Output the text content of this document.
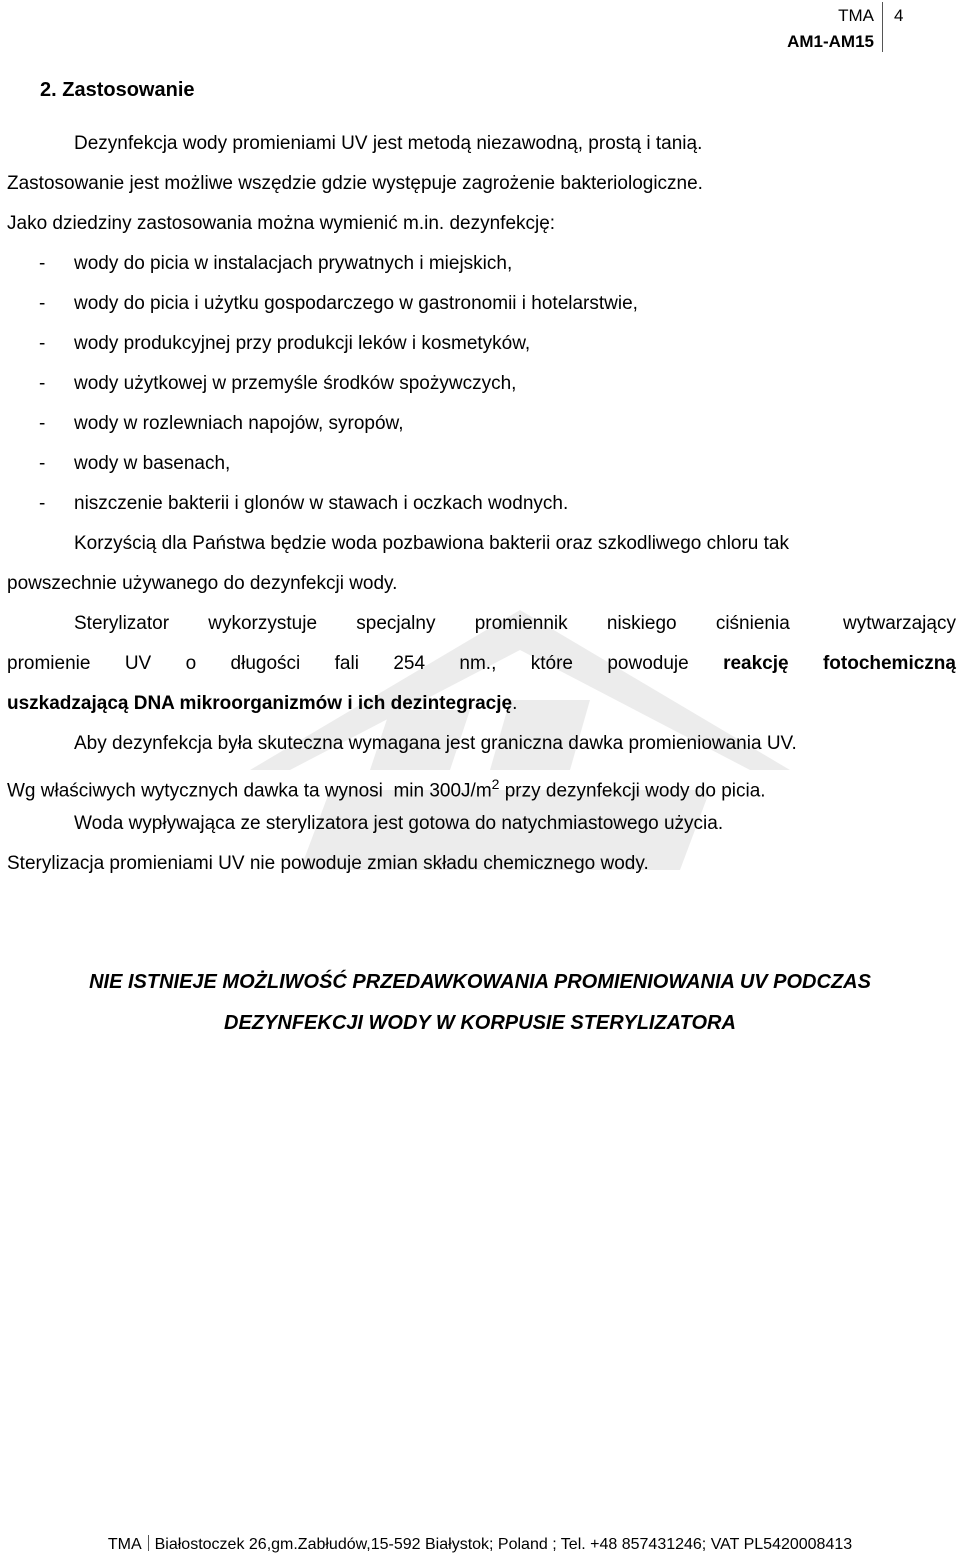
TMA
AM1-AM15
4
2. Zastosowanie
Dezynfekcja wody promieniami UV jest metodą niezawodną, prostą i tanią.
Zastosowanie jest możliwe wszędzie gdzie występuje zagrożenie bakteriologiczne.
Jako dziedziny zastosowania można wymienić m.in. dezynfekcję:
- wody do picia w instalacjach prywatnych i miejskich,
- wody do picia i użytku gospodarczego w gastronomii i hotelarstwie,
- wody produkcyjnej przy produkcji leków i kosmetyków,
- wody użytkowej w przemyśle środków spożywczych,
- wody w rozlewniach napojów, syropów,
- wody w basenach,
- niszczenie bakterii i glonów w stawach i oczkach wodnych.
Korzyścią dla Państwa będzie woda pozbawiona bakterii oraz szkodliwego chloru tak
powszechnie używanego do dezynfekcji wody.
Sterylizator wykorzystuje specjalny promiennik niskiego ciśnienia	wytwarzający
promienie UV o długości fali 254 nm., które powoduje reakcję fotochemiczną
uszkadzającą DNA mikroorganizmów i ich dezintegrację.
Aby dezynfekcja była skuteczna wymagana jest graniczna dawka promieniowania UV.
Wg właściwych wytycznych dawka ta wynosi  $\min 300J/m^2$ przy dezynfekcji wody do picia.
Woda wypływająca ze sterylizatora jest gotowa do natychmiastowego użycia.
Sterylizacja promieniami UV nie powoduje zmian składu chemicznego wody.
NIE ISTNIEJE MOŻLIWOŚĆ PRZEDAWKOWANIA PROMIENIOWANIA UV PODCZAS
DEZYNFEKCJI WODY W KORPUSIE STERYLIZATORA
TMA Białostoczek 26,gm.Zabłudów,15-592 Białystok; Poland ; Tel. +48 857431246; VAT PL5420008413
